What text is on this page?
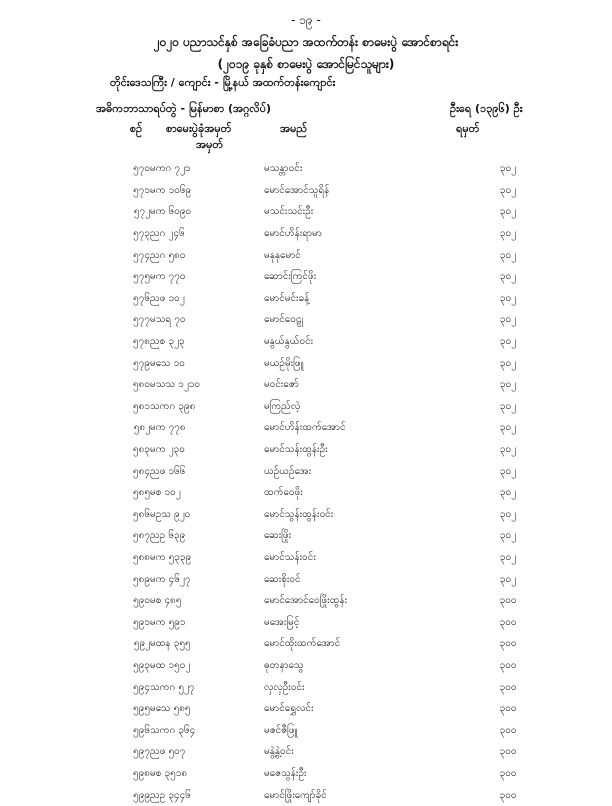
- ၁၉ -
၂၀၂၀ ပညာသင်နှစ် အခြေခံပညာ အထက်တန်း စာမေးပွဲ အောင်စာရင်း
(၂၀၁၉ ခုနှစ် စာမေးပွဲ အောင်မြင်သူများ)
တိုင်းဒေသကြီး / ကျောင်း - မြို့နယ် အထက်တန်းကျောင်း
အဓိကဘာသာရပ်တွဲ - မြန်မာစာ (အဂ္ဂလိပ်)	ဦးရေ (၁၃၉၆) ဦး
စဉ်	စာမေးပွဲခုံအမှတ်
အမှတ်
အမည်	ရမှတ်
၅၇၀	မကဂ ၇၂၁	မသန္တာဝင်း	၃၀၂
၅၇၁	မက ၁၀၆၉	မောင်အောင်သူရိန်	၃၀၂
၅၇၂	မက ၆၀၉၀	မသင်းသင်းဦး	၃၀၂
၅၇၃	ညဂ ၂၄၆	မောင်ဟိန်းရာမာ	၃၀၂
၅၇၄	ညဂ ၅၈၀	မနုနုမောင်	၃၀၂
၅၇၅	မက ၇၇၀	ဆောင်းကြင်ဖိုး	၃၀၂
၅၇၆	ညဖ ၁၀၂	မောင်မင်းခန့်	၃၀၂
၅၇၇	မသရ ၇၀	မောင်ဝေဠု	၃၀၂
၅၇၈	ညစ ၃၂၃	မနွယ်နွယ်ဝင်း	၃၀၂
၅၇၉	မသေ ၁၀	မယဉ်မိုးဖြူ	၃၀၂
၅၈၀	မသသ ၁၂၁၀	မဝင်းဇော်	၃၀၂
၅၈၁	သကဂ ၃၉၈	မကြည်လဲ့	၃၀၂
၅၈၂	မက ၇၇၈	မောင်ဟိန်းထက်အောင်	၃၀၂
၅၈၃	မက ၂၃၀	မောင်သန်းထွန်းဦး	၃၀၂
၅၈၄	ညဖ ၁၆၆	ယဉ်ယဉ်အေး	၃၀၂
၅၈၅	မစ ၁၀၂	ထက်ဝေဖိုး	၃၀၂
၅၈၆	မဥသ ၉၂၀	မောင်သွန်းထွန်းဝင်း	၃၀၂
၅၈၇	ညဥ ၆၃၉	ဆေးဖြိုး	၃၀၂
၅၈၈	မက ၅၃၃၉	မောင်သန်းဝင်း	၃၀၂
၅၈၉	မက ၄၆၂၇	ဆေးစိုးဝင်	၃၀၂
၅၉၀	မစ ၄၈၅	မောင်အောင်ဝေဖြိုးထွန်း	၃၀၀
၅၉၁	မက ၅၉၁	မအေးမြင့်	၃၀၀
၅၉၂	မထန ၃၅၅	မောင်ထိုးထက်အောင်	၃၀၀
၅၉၃	မထ ၁၅၀၂	ဓုတနာသွေ	၃၀၀
၅၉၄	သကဂ ၅၂၇	လှလှဦးဝင်း	၃၀၀
၅၉၅	မသေ ၅၈၅	မောင်ရွှေလင်း	၃၀၀
၅၉၆	သကဂ ၃၆၄	မဇင်ဇီဖြူ	၃၀၀
၅၉၇	ညဖ ၅၀၇	မနွဲ့နွဲ့ဝင်း	၃၀၀
၅၉၈	မစ ၃၅၁၈	မဇေသွန်းဦး	၃၀၀
၅၉၉	ညဥ ၃၄၄၆	မောင်ဖြိုးကျော်ခိုင်	၃၀၀
